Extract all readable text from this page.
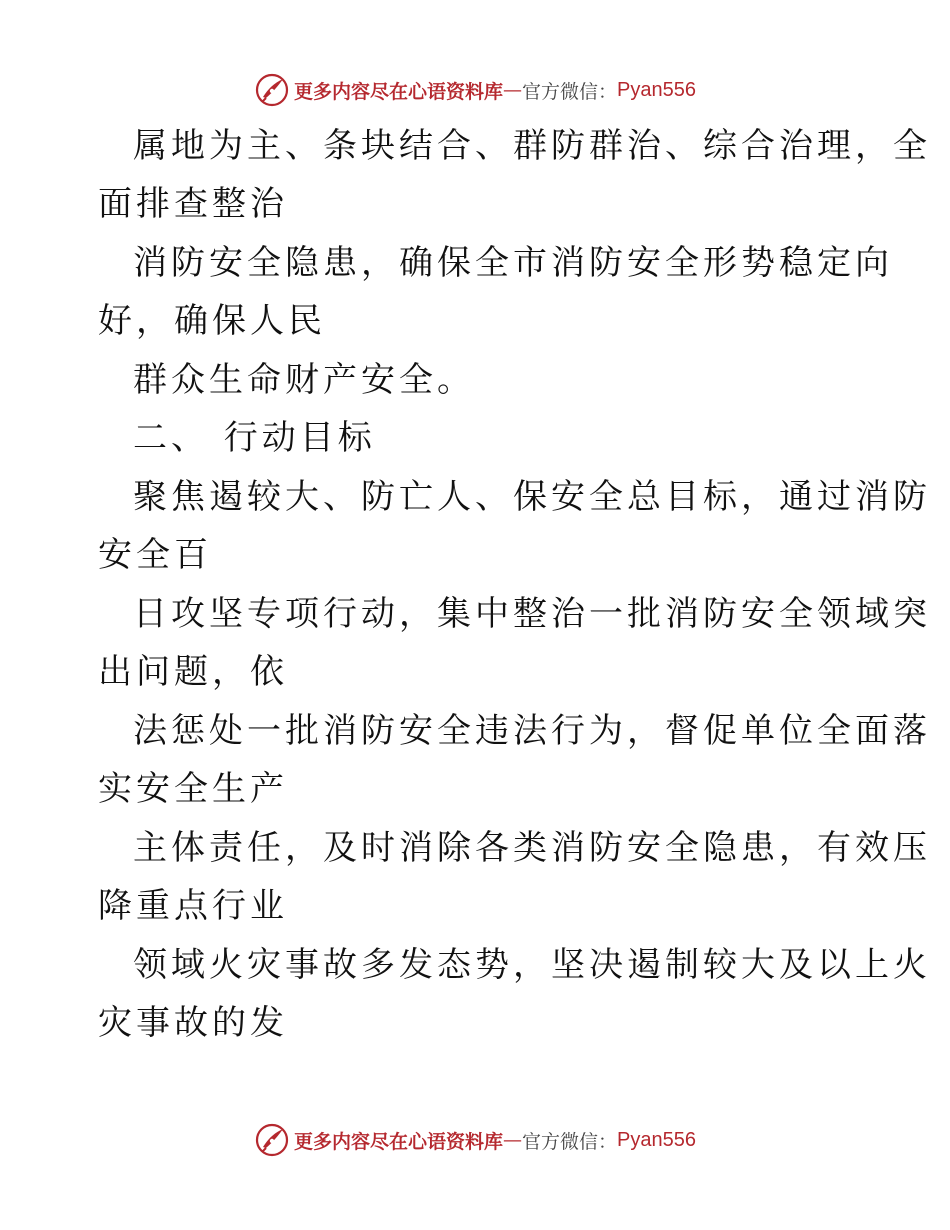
更多内容尽在心语资料库 — 官方微信： Pyan556
属地为主、条块结合、群防群治、综合治理，全
面排查整治
消防安全隐患，确保全市消防安全形势稳定向
好，确保人民
群众生命财产安全。
二、 行动目标
聚焦遏较大、防亡人、保安全总目标，通过消防
安全百
日攻坚专项行动，集中整治一批消防安全领域突
出问题，依
法惩处一批消防安全违法行为，督促单位全面落
实安全生产
主体责任，及时消除各类消防安全隐患，有效压
降重点行业
领域火灾事故多发态势，坚决遏制较大及以上火
灾事故的发
更多内容尽在心语资料库 — 官方微信： Pyan556
